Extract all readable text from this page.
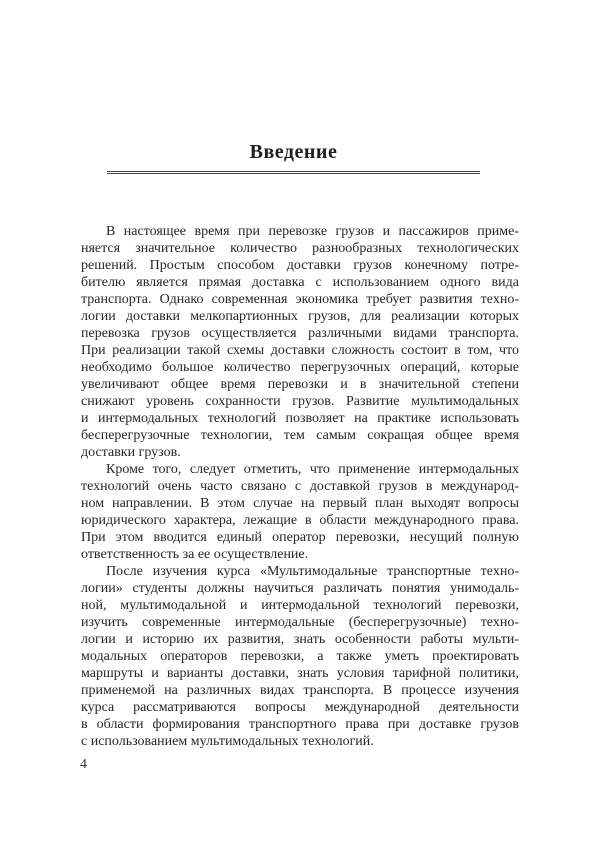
Введение
В настоящее время при перевозке грузов и пассажиров приме-
няется значительное количество разнообразных технологических
решений. Простым способом доставки грузов конечному потре-
бителю является прямая доставка с использованием одного вида
транспорта. Однако современная экономика требует развития техно-
логии доставки мелкопартионных грузов, для реализации которых
перевозка грузов осуществляется различными видами транспорта.
При реализации такой схемы доставки сложность состоит в том, что
необходимо большое количество перегрузочных операций, которые
увеличивают общее время перевозки и в значительной степени
снижают уровень сохранности грузов. Развитие мультимодальных
и интермодальных технологий позволяет на практике использовать
бесперегрузочные технологии, тем самым сокращая общее время
доставки грузов.
Кроме того, следует отметить, что применение интермодальных
технологий очень часто связано с доставкой грузов в международ-
ном направлении. В этом случае на первый план выходят вопросы
юридического характера, лежащие в области международного права.
При этом вводится единый оператор перевозки, несущий полную
ответственность за ее осуществление.
После изучения курса «Мультимодальные транспортные техно-
логии» студенты должны научиться различать понятия унимодаль-
ной, мультимодальной и интермодальной технологий перевозки,
изучить современные интермодальные (бесперегрузочные) техно-
логии и историю их развития, знать особенности работы мульти-
модальных операторов перевозки, а также уметь проектировать
маршруты и варианты доставки, знать условия тарифной политики,
применемой на различных видах транспорта. В процессе изучения
курса рассматриваются вопросы международной деятельности
в области формирования транспортного права при доставке грузов
с использованием мультимодальных технологий.
4
